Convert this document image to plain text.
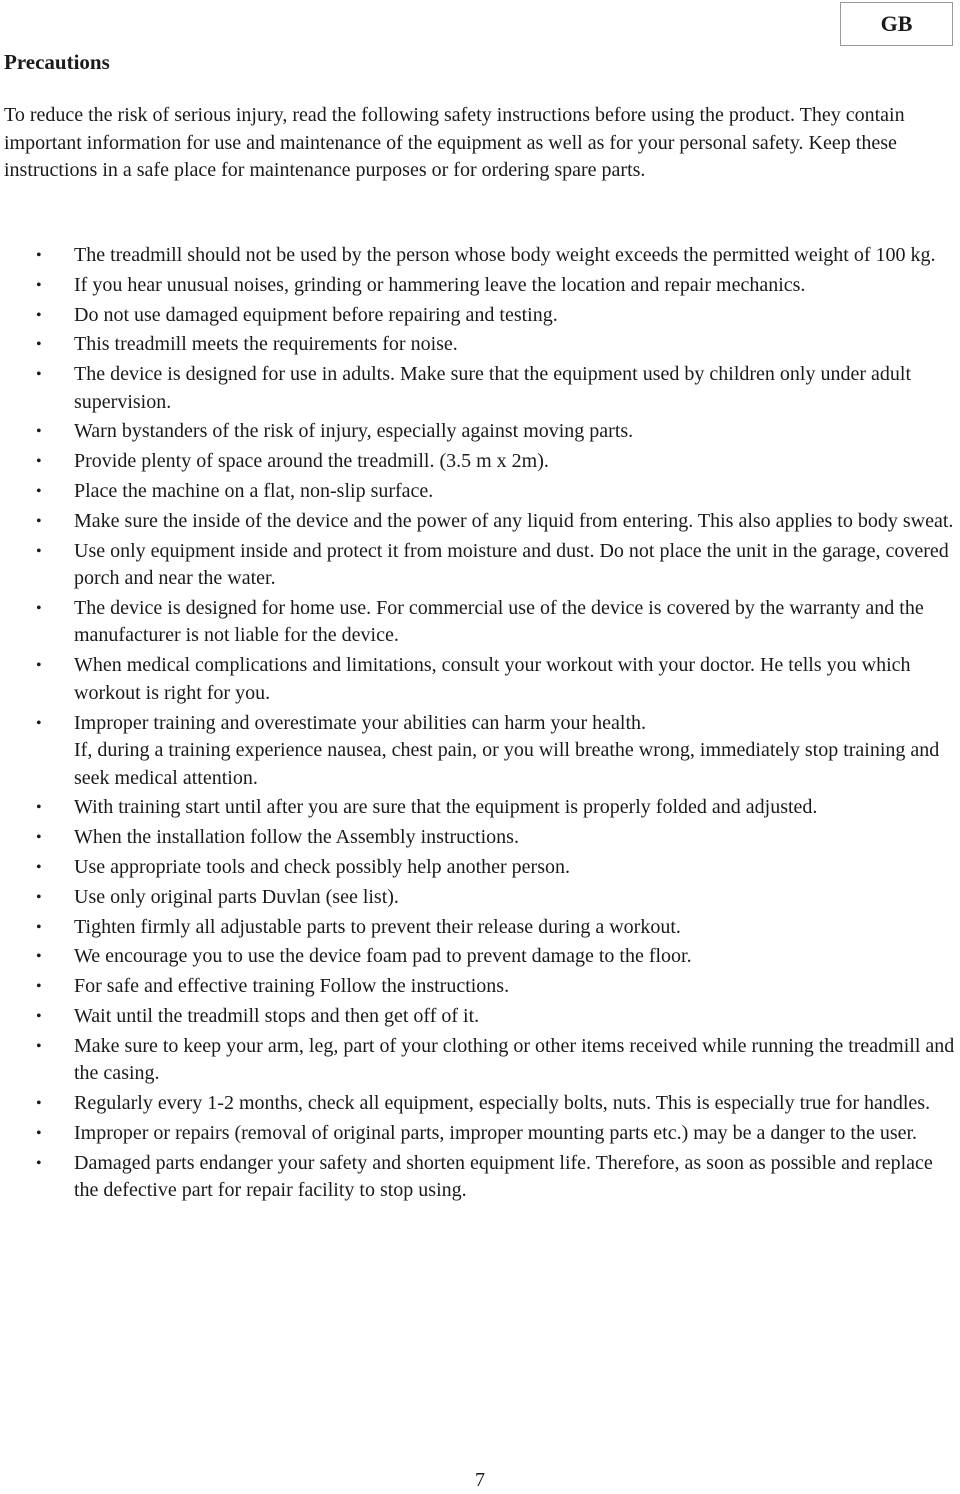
GB
Precautions
To reduce the risk of serious injury, read the following safety instructions before using the product. They contain important information for use and maintenance of the equipment as well as for your personal safety. Keep these instructions in a safe place for maintenance purposes or for ordering spare parts.
• The treadmill should not be used by the person whose body weight exceeds the permitted weight of 100 kg.
• If you hear unusual noises, grinding or hammering leave the location and repair mechanics.
• Do not use damaged equipment before repairing and testing.
• This treadmill meets the requirements for noise.
• The device is designed for use in adults. Make sure that the equipment used by children only under adult supervision.
• Warn bystanders of the risk of injury, especially against moving parts.
• Provide plenty of space around the treadmill. (3.5 m x 2m).
• Place the machine on a flat, non-slip surface.
• Make sure the inside of the device and the power of any liquid from entering. This also applies to body sweat.
• Use only equipment inside and protect it from moisture and dust. Do not place the unit in the garage, covered porch and near the water.
• The device is designed for home use. For commercial use of the device is covered by the warranty and the manufacturer is not liable for the device.
• When medical complications and limitations, consult your workout with your doctor. He tells you which workout is right for you.
• Improper training and overestimate your abilities can harm your health.
If, during a training experience nausea, chest pain, or you will breathe wrong, immediately stop training and seek medical attention.
• With training start until after you are sure that the equipment is properly folded and adjusted.
• When the installation follow the Assembly instructions.
• Use appropriate tools and check possibly help another person.
• Use only original parts Duvlan (see list).
• Tighten firmly all adjustable parts to prevent their release during a workout.
• We encourage you to use the device foam pad to prevent damage to the floor.
• For safe and effective training Follow the instructions.
• Wait until the treadmill stops and then get off of it.
• Make sure to keep your arm, leg, part of your clothing or other items received while running the treadmill and the casing.
• Regularly every 1-2 months, check all equipment, especially bolts, nuts. This is especially true for handles.
• Improper or repairs (removal of original parts, improper mounting parts etc.) may be a danger to the user.
• Damaged parts endanger your safety and shorten equipment life. Therefore, as soon as possible and replace the defective part for repair facility to stop using.
7
